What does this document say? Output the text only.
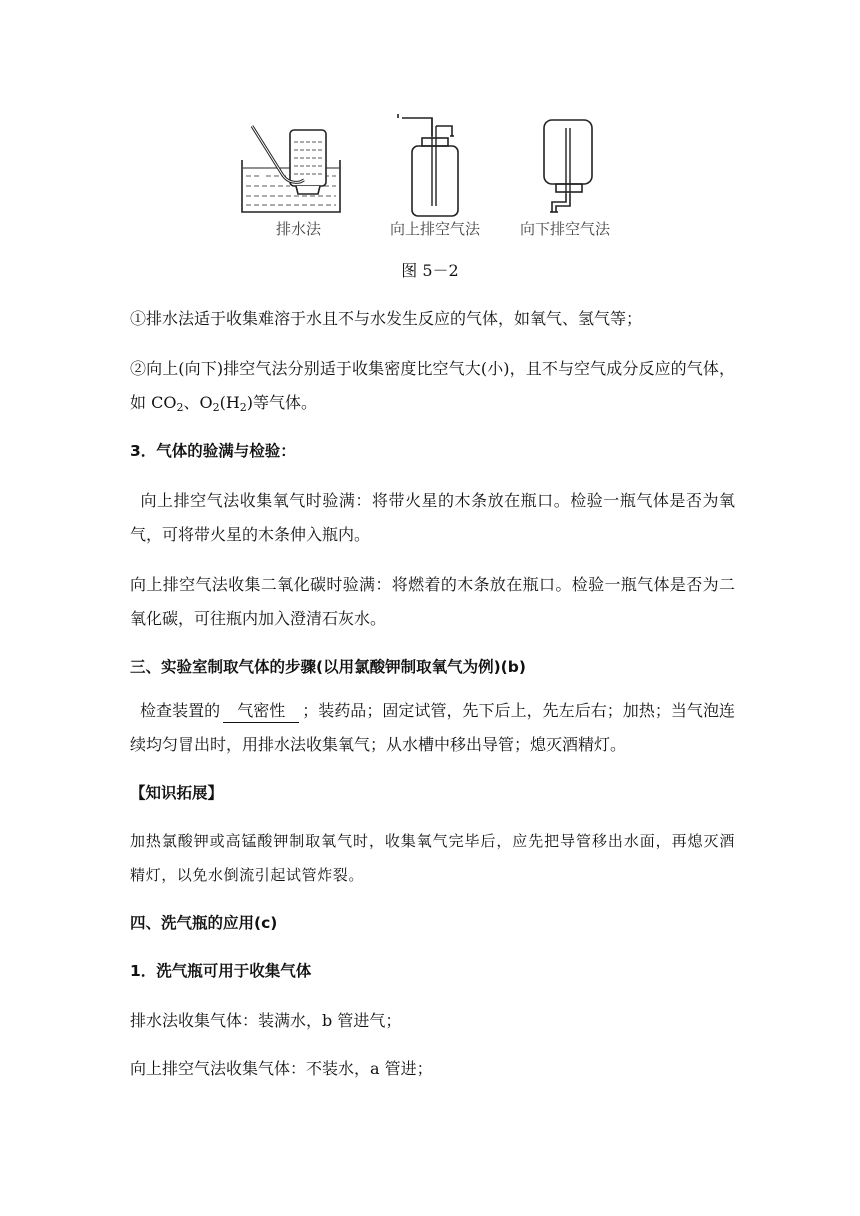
排水法	向上排空气法	向下排空气法
图 5－2
①排水法适于收集难溶于水且不与水发生反应的气体，如氧气、氢气等；
②向上(向下)排空气法分别适于收集密度比空气大(小)，且不与空气成分反应的气体，如 $CO_2$、$O_2(H_2)$等气体。
3．气体的验满与检验：
向上排空气法收集氧气时验满：将带火星的木条放在瓶口。检验一瓶气体是否为氧气，可将带火星的木条伸入瓶内。
向上排空气法收集二氧化碳时验满：将燃着的木条放在瓶口。检验一瓶气体是否为二氧化碳，可往瓶内加入澄清石灰水。
三、实验室制取气体的步骤(以用氯酸钾制取氧气为例)(b)
检查装置的 气密性 ；装药品；固定试管，先下后上，先左后右；加热；当气泡连续均匀冒出时，用排水法收集氧气；从水槽中移出导管；熄灭酒精灯。
【知识拓展】
加热氯酸钾或高锰酸钾制取氧气时，收集氧气完毕后，应先把导管移出水面，再熄灭酒精灯，以免水倒流引起试管炸裂。
四、洗气瓶的应用(c)
1．洗气瓶可用于收集气体
排水法收集气体：装满水，b 管进气；
向上排空气法收集气体：不装水，a 管进；
